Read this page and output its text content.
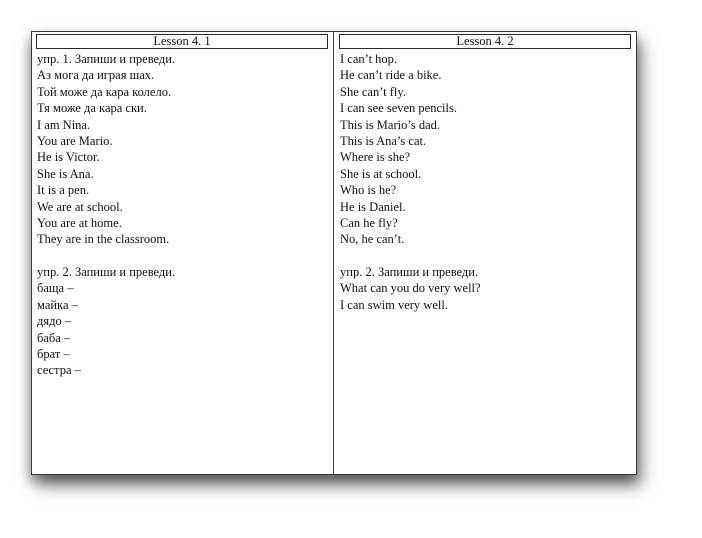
Lesson 4. 1
упр. 1. Запиши и преведи.
Аз мога да играя шах.
Той може да кара колело.
Тя може да кара ски.
I am Nina.
You are Mario.
He is Victor.
She is Ana.
It is a pen.
We are at school.
You are at home.
They are in the classroom.
упр. 2. Запиши и преведи.
баща –
майка –
дядо –
баба –
брат –
сестра –
Lesson 4. 2
I can’t hop.
He can’t ride a bike.
She can’t fly.
I can see seven pencils.
This is Mario’s dad.
This is Ana’s cat.
Where is she?
She is at school.
Who is he?
He is Daniel.
Can he fly?
No, he can’t.
упр. 2. Запиши и преведи.
What can you do very well?
I can swim very well.
